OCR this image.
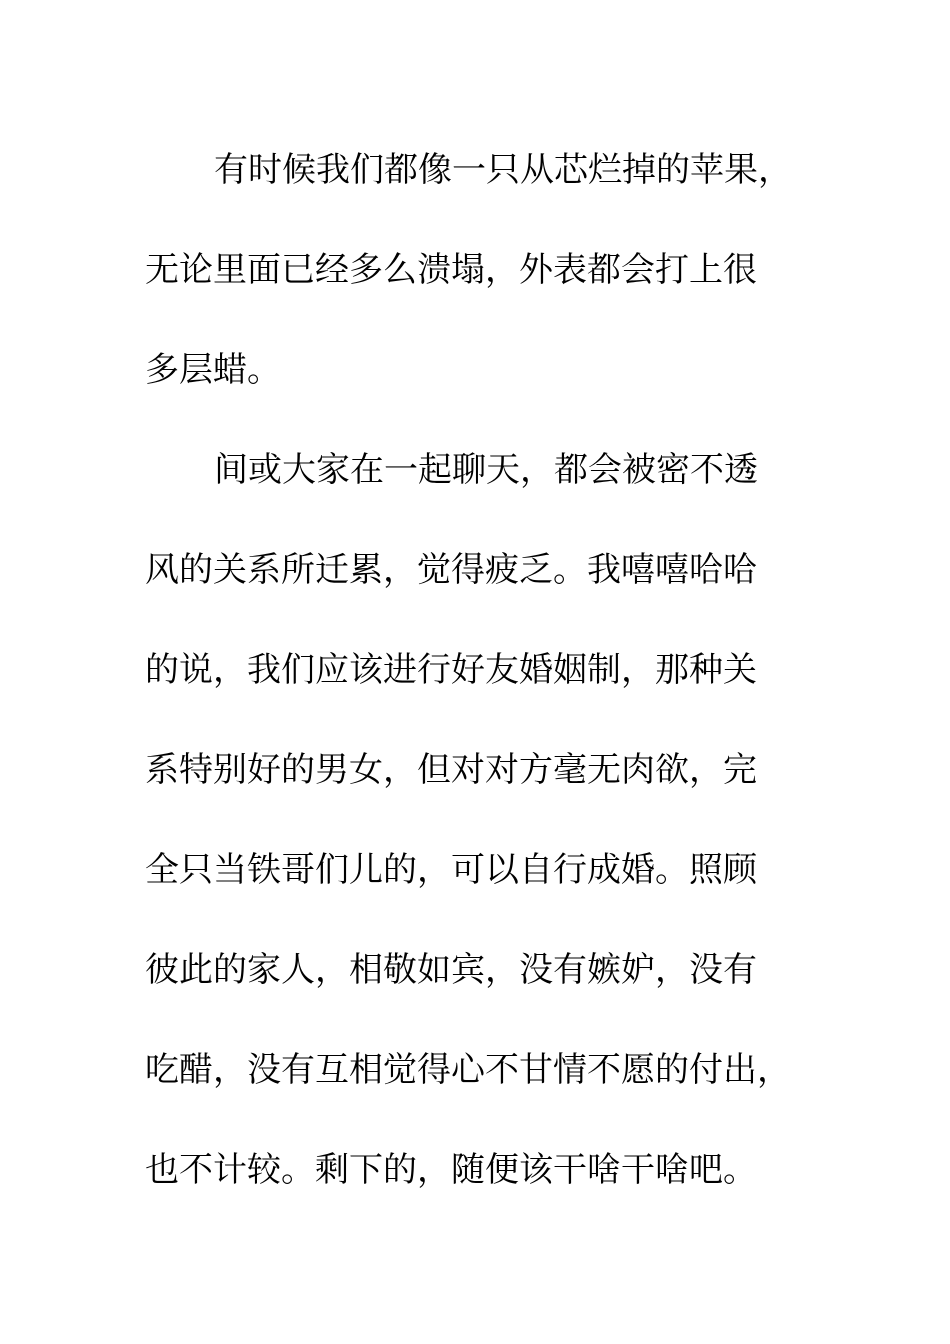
有时候我们都像一只从芯烂掉的苹果，
无论里面已经多么溃塌，外表都会打上很
多层蜡。
间或大家在一起聊天，都会被密不透
风的关系所迁累，觉得疲乏。我嘻嘻哈哈
的说，我们应该进行好友婚姻制，那种关
系特别好的男女，但对对方毫无肉欲，完
全只当铁哥们儿的，可以自行成婚。照顾
彼此的家人，相敬如宾，没有嫉妒，没有
吃醋，没有互相觉得心不甘情不愿的付出，
也不计较。剩下的，随便该干啥干啥吧。
